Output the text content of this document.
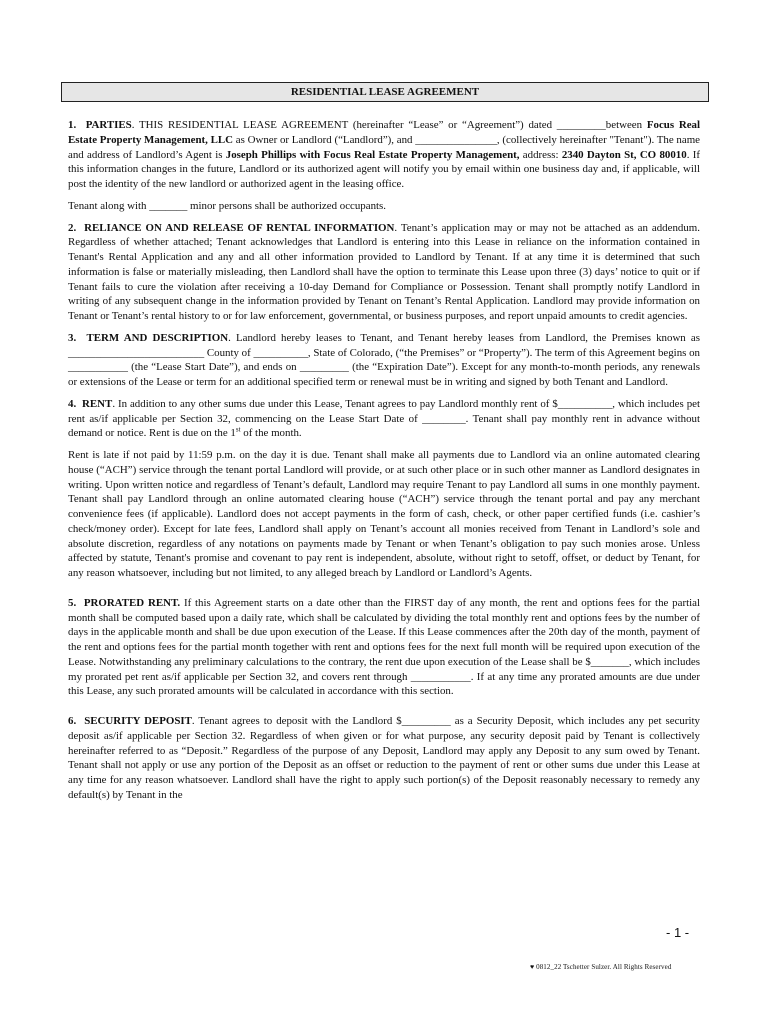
RESIDENTIAL LEASE AGREEMENT

1. PARTIES. THIS RESIDENTIAL LEASE AGREEMENT (hereinafter “Lease” or “Agreement”) dated _________between Focus Real Estate Property Management, LLC as Owner or Landlord (“Landlord”), and _______________, (collectively hereinafter "Tenant"). The name and address of Landlord’s Agent is Joseph Phillips with Focus Real Estate Property Management, address: 2340 Dayton St, CO 80010. If this information changes in the future, Landlord or its authorized agent will notify you by email within one business day and, if applicable, will post the identity of the new landlord or authorized agent in the leasing office.

Tenant along with _______ minor persons shall be authorized occupants.

2. RELIANCE ON AND RELEASE OF RENTAL INFORMATION. Tenant’s application may or may not be attached as an addendum. Regardless of whether attached; Tenant acknowledges that Landlord is entering into this Lease in reliance on the information contained in Tenant's Rental Application and any and all other information provided to Landlord by Tenant. If at any time it is determined that such information is false or materially misleading, then Landlord shall have the option to terminate this Lease upon three (3) days’ notice to quit or if Tenant fails to cure the violation after receiving a 10-day Demand for Compliance or Possession. Tenant shall promptly notify Landlord in writing of any subsequent change in the information provided by Tenant on Tenant’s Rental Application. Landlord may provide information on Tenant or Tenant’s rental history to or for law enforcement, governmental, or business purposes, and report unpaid amounts to credit agencies.

3. TERM AND DESCRIPTION. Landlord hereby leases to Tenant, and Tenant hereby leases from Landlord, the Premises known as _________________________ County of __________, State of Colorado, (“the Premises” or “Property”). The term of this Agreement begins on ___________ (the “Lease Start Date”), and ends on _________ (the “Expiration Date”). Except for any month-to-month periods, any renewals or extensions of the Lease or term for an additional specified term or renewal must be in writing and signed by both Tenant and Landlord.

4. RENT. In addition to any other sums due under this Lease, Tenant agrees to pay Landlord monthly rent of $__________, which includes pet rent as/if applicable per Section 32, commencing on the Lease Start Date of ________. Tenant shall pay monthly rent in advance without demand or notice. Rent is due on the 1st of the month.

Rent is late if not paid by 11:59 p.m. on the day it is due. Tenant shall make all payments due to Landlord via an online automated clearing house (“ACH”) service through the tenant portal Landlord will provide, or at such other place or in such other manner as Landlord designates in writing. Upon written notice and regardless of Tenant’s default, Landlord may require Tenant to pay Landlord all sums in one monthly payment. Tenant shall pay Landlord through an online automated clearing house (“ACH”) service through the tenant portal and pay any merchant convenience fees (if applicable). Landlord does not accept payments in the form of cash, check, or other paper certified funds (i.e. cashier’s check/money order). Except for late fees, Landlord shall apply on Tenant’s account all monies received from Tenant in Landlord’s sole and absolute discretion, regardless of any notations on payments made by Tenant or when Tenant’s obligation to pay such monies arose. Unless affected by statute, Tenant's promise and covenant to pay rent is independent, absolute, without right to setoff, offset, or deduct by Tenant, for any reason whatsoever, including but not limited, to any alleged breach by Landlord or Landlord’s Agents.

5. PRORATED RENT. If this Agreement starts on a date other than the FIRST day of any month, the rent and options fees for the partial month shall be computed based upon a daily rate, which shall be calculated by dividing the total monthly rent and options fees by the number of days in the applicable month and shall be due upon execution of the Lease. If this Lease commences after the 20th day of the month, payment of the rent and options fees for the partial month together with rent and options fees for the next full month will be required upon execution of the Lease. Notwithstanding any preliminary calculations to the contrary, the rent due upon execution of the Lease shall be $_______, which includes my prorated pet rent as/if applicable per Section 32, and covers rent through ___________. If at any time any prorated amounts are due under this Lease, any such prorated amounts will be calculated in accordance with this section.

6. SECURITY DEPOSIT. Tenant agrees to deposit with the Landlord $_________ as a Security Deposit, which includes any pet security deposit as/if applicable per Section 32. Regardless of when given or for what purpose, any security deposit paid by Tenant is collectively hereinafter referred to as “Deposit.” Regardless of the purpose of any Deposit, Landlord may apply any Deposit to any sum owed by Tenant. Tenant shall not apply or use any portion of the Deposit as an offset or reduction to the payment of rent or other sums due under this Lease at any time for any reason whatsoever. Landlord shall have the right to apply such portion(s) of the Deposit reasonably necessary to remedy any default(s) by Tenant in the

- 1 -
♥ 0812_22 Tschetter Sulzer. All Rights Reserved
